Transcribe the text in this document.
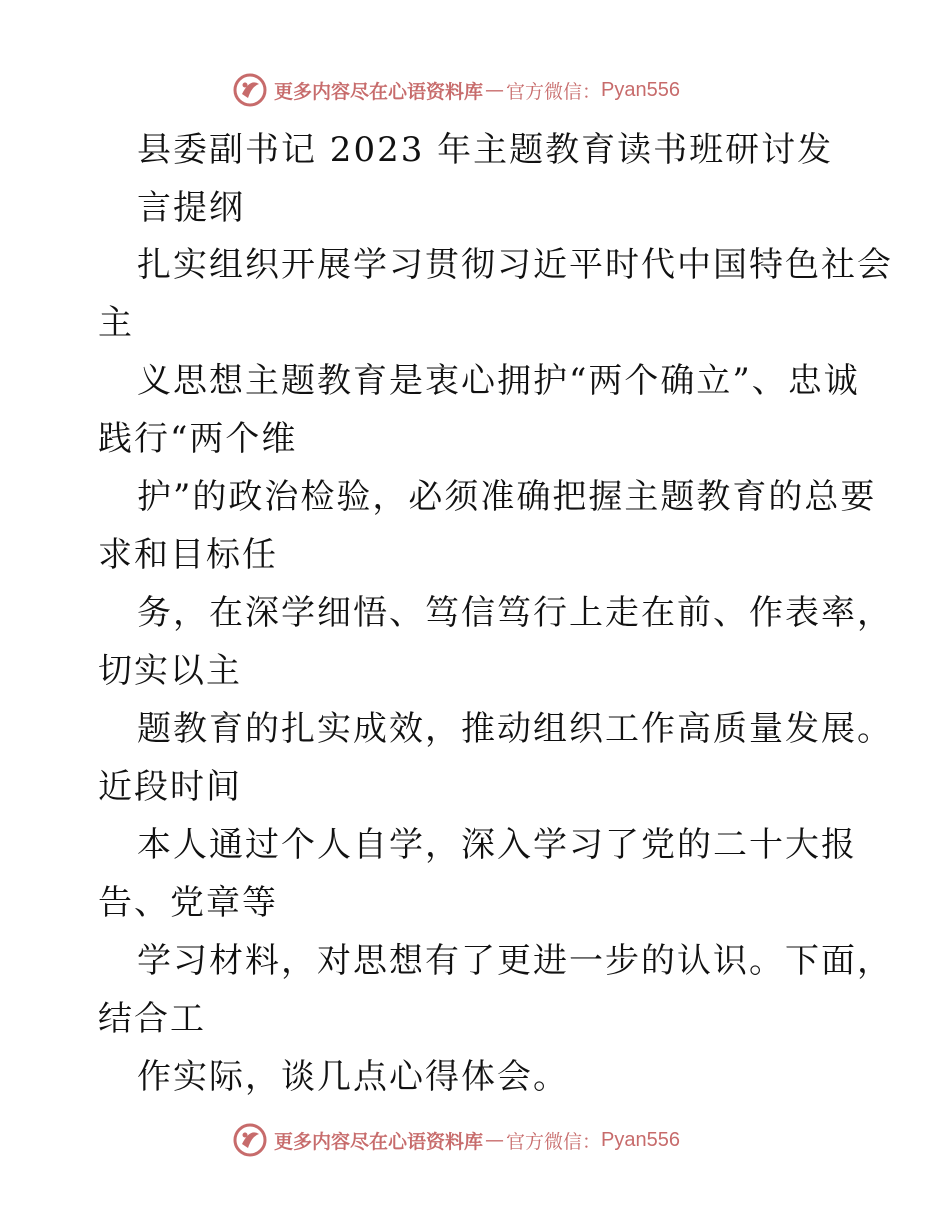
更多内容尽在心语资料库 — 官方微信： Pyan556
县委副书记 2023 年主题教育读书班研讨发
言提纲
扎实组织开展学习贯彻习近平时代中国特色社会
主
义思想主题教育是衷心拥护“两个确立”、忠诚
践行“两个维
护”的政治检验，必须准确把握主题教育的总要
求和目标任
务，在深学细悟、笃信笃行上走在前、作表率，
切实以主
题教育的扎实成效，推动组织工作高质量发展。
近段时间
本人通过个人自学，深入学习了党的二十大报
告、党章等
学习材料，对思想有了更进一步的认识。下面，
结合工
作实际，谈几点心得体会。
更多内容尽在心语资料库 — 官方微信： Pyan556
